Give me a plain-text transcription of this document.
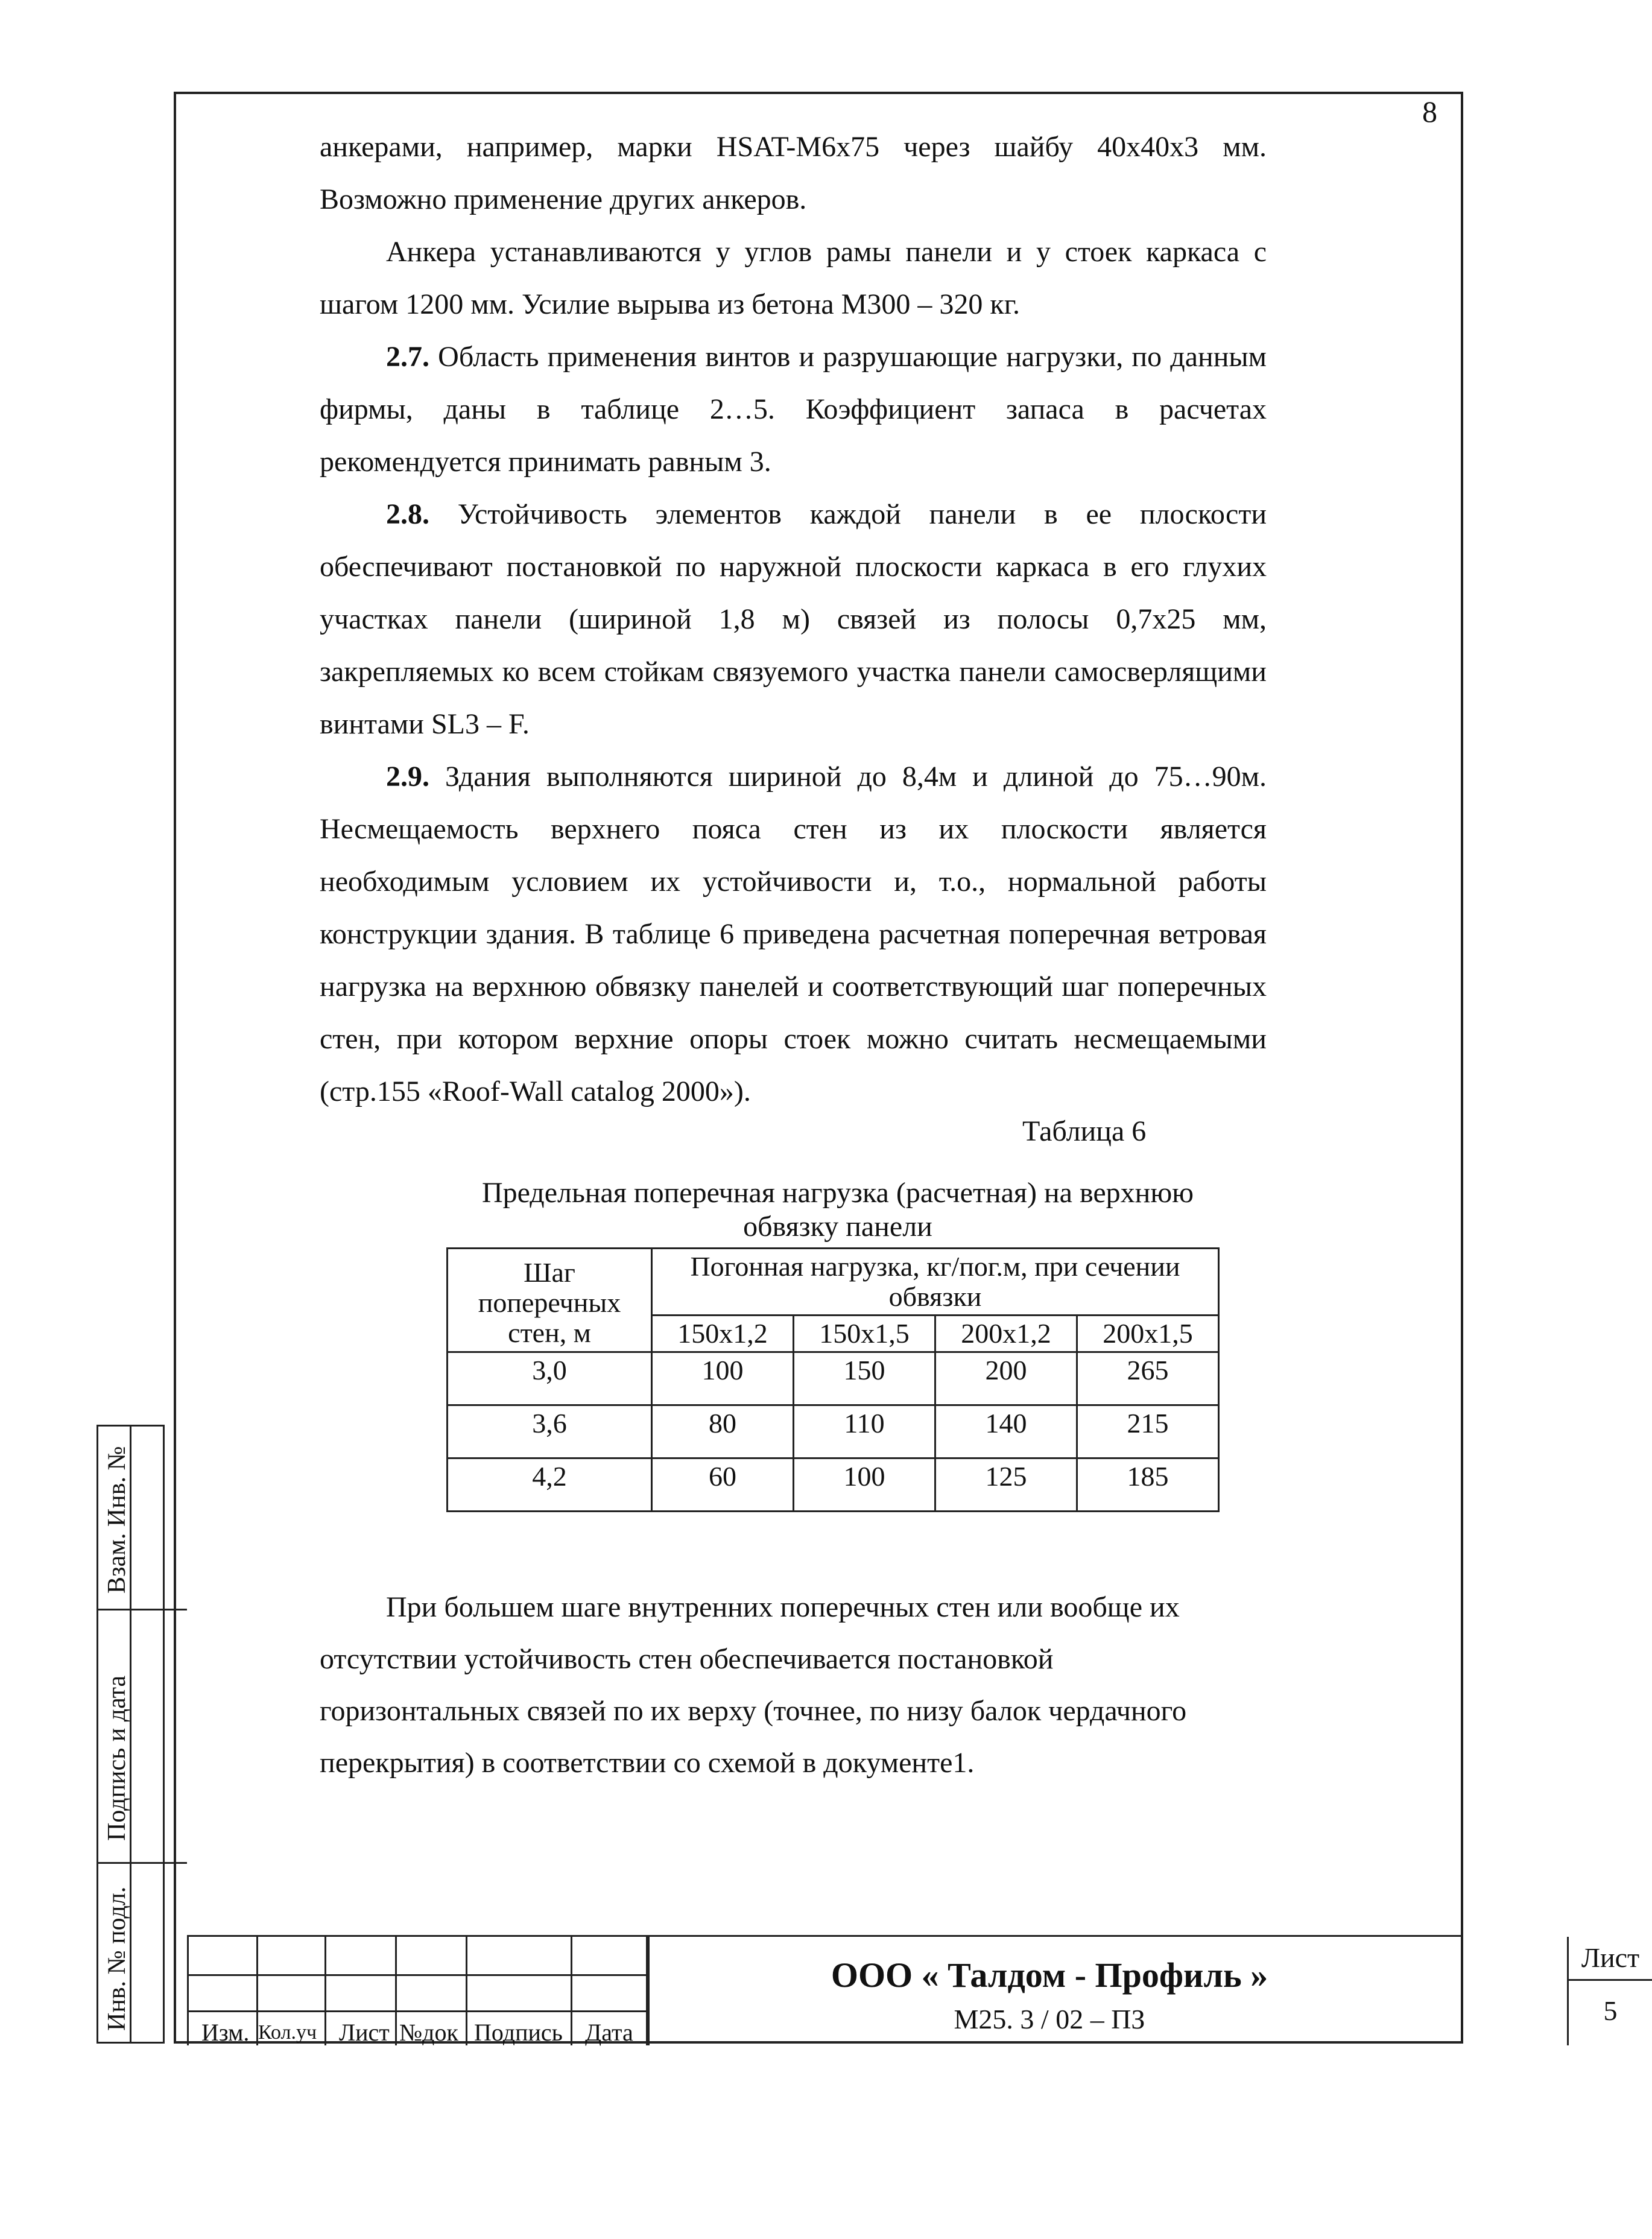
8

анкерами, например, марки HSAT-M6x75 через шайбу 40x40x3 мм. Возможно применение других анкеров.

Анкера устанавливаются у углов рамы панели и у стоек каркаса с шагом 1200 мм. Усилие вырыва из бетона М300 – 320 кг.

2.7. Область применения винтов и разрушающие нагрузки, по данным фирмы, даны в таблице 2…5. Коэффициент запаса в расчетах рекомендуется принимать равным 3.

2.8. Устойчивость элементов каждой панели в ее плоскости обеспечивают постановкой по наружной плоскости каркаса в его глухих участках панели (шириной 1,8 м) связей из полосы 0,7x25 мм, закрепляемых ко всем стойкам связуемого участка панели самосверлящими винтами SL3 – F.

2.9. Здания выполняются шириной до 8,4м и длиной до 75…90м. Несмещаемость верхнего пояса стен из их плоскости является необходимым условием их устойчивости и, т.о., нормальной работы конструкции здания. В таблице 6 приведена расчетная поперечная ветровая нагрузка на верхнюю обвязку панелей и соответствующий шаг поперечных стен, при котором верхние опоры стоек можно считать несмещаемыми (стр.155 «Roof-Wall catalog 2000»).

Таблица 6
Предельная поперечная нагрузка (расчетная) на верхнюю обвязку панели
Шаг поперечных стен, м	Погонная нагрузка, кг/пог.м, при сечении обвязки			
	150x1,2	150x1,5	200x1,2	200x1,5
3,0	100	150	200	265
3,6	80	110	140	215
4,2	60	100	125	185

При большем шаге внутренних поперечных стен или вообще их отсутствии устойчивость стен обеспечивается постановкой горизонтальных связей по их верху (точнее, по низу балок чердачного перекрытия) в соответствии со схемой в документе1.

Инв. № подл.
Подпись и дата
Взам. Инв. №
Изм. Кол.уч Лист №док Подпись Дата
ООО « Талдом - Профиль »
М25. 3 / 02 – ПЗ
Лист
5
